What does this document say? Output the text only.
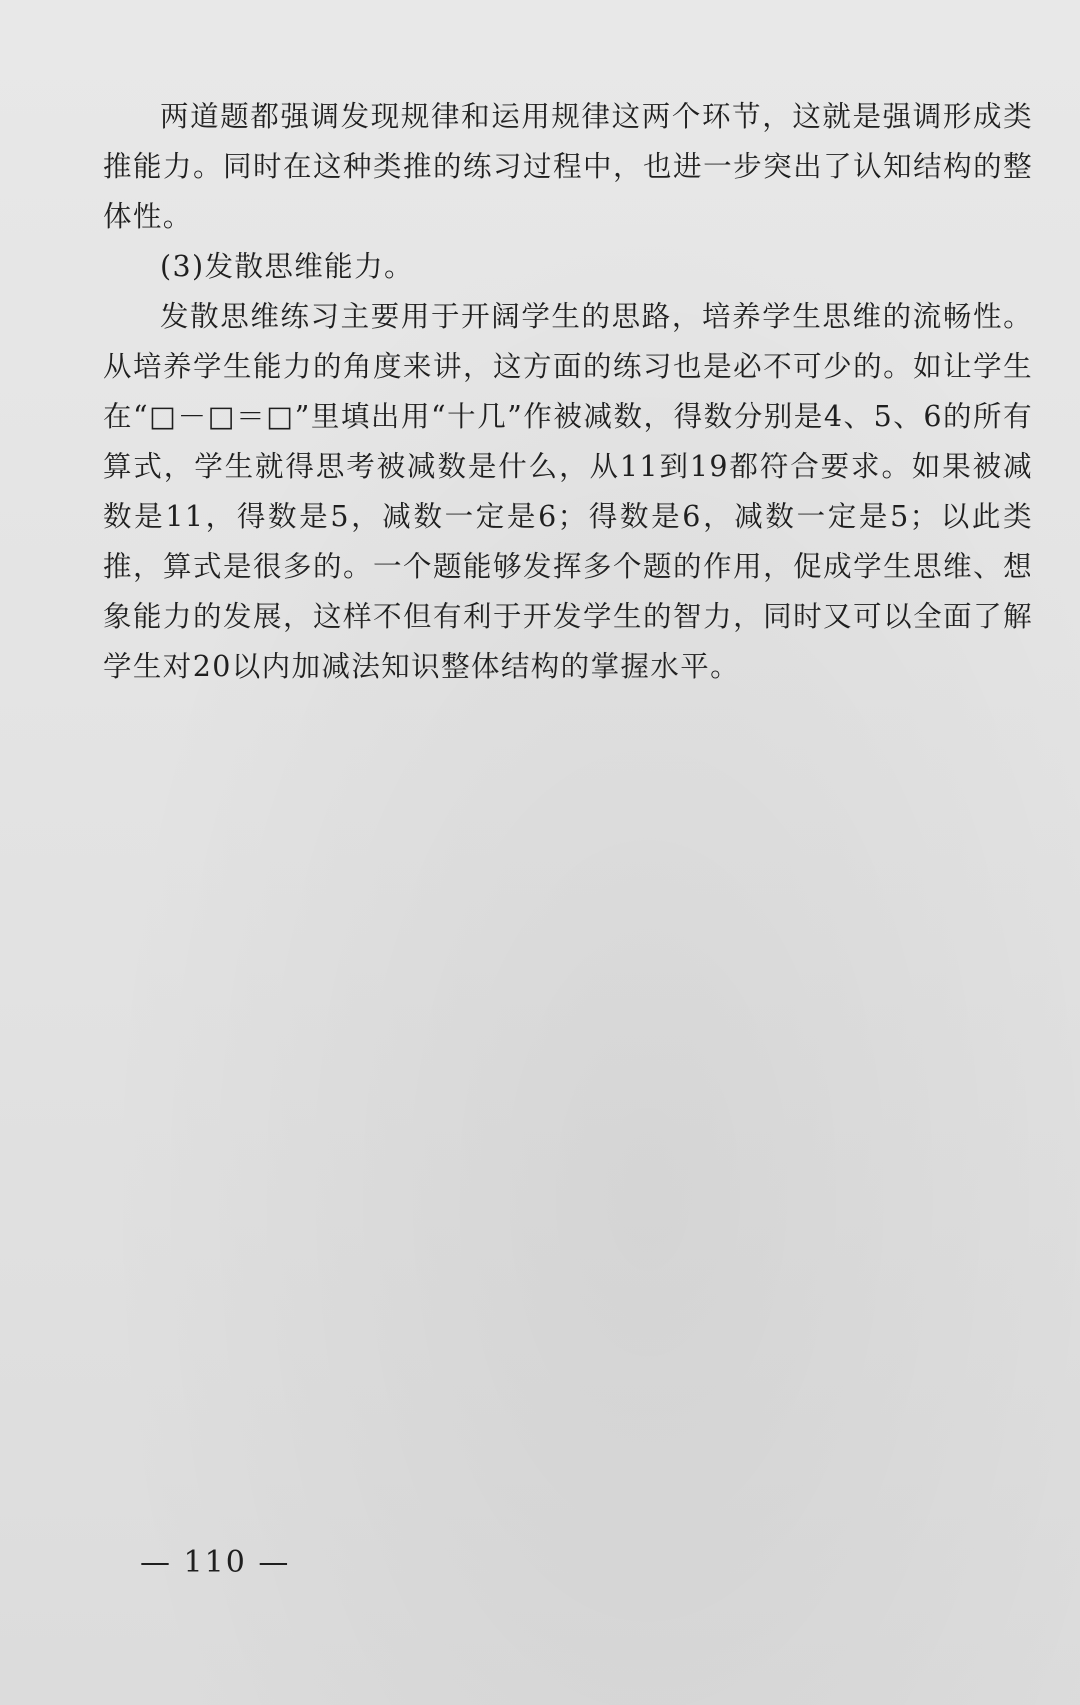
两道题都强调发现规律和运用规律这两个环节，这就是强调形成类推能力。同时在这种类推的练习过程中，也进一步突出了认知结构的整体性。

(3)发散思维能力。

发散思维练习主要用于开阔学生的思路，培养学生思维的流畅性。从培养学生能力的角度来讲，这方面的练习也是必不可少的。如让学生在“□－□＝□”里填出用“十几”作被减数，得数分别是4、5、6的所有算式，学生就得思考被减数是什么，从11到19都符合要求。如果被减数是11，得数是5，减数一定是6；得数是6，减数一定是5；以此类推，算式是很多的。一个题能够发挥多个题的作用，促成学生思维、想象能力的发展，这样不但有利于开发学生的智力，同时又可以全面了解学生对20以内加减法知识整体结构的掌握水平。

— 110 —
